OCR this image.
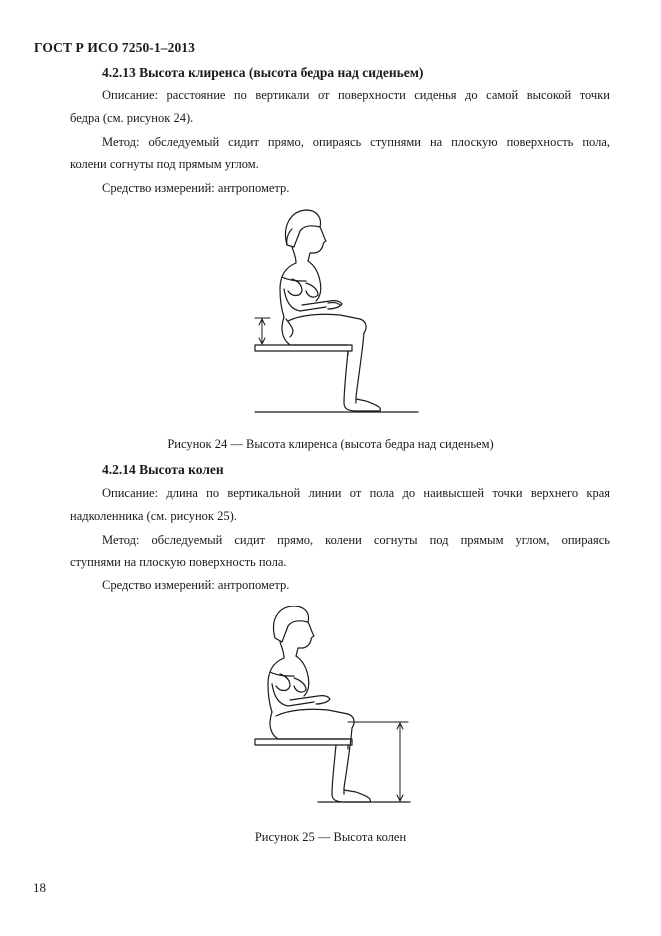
ГОСТ Р ИСО 7250-1–2013
4.2.13 Высота клиренса (высота бедра над сиденьем)
Описание: расстояние по вертикали от поверхности сиденья до самой высокой точки
бедра (см. рисунок 24).
Метод: обследуемый сидит прямо, опираясь ступнями на плоскую поверхность пола,
колени согнуты под прямым углом.
Средство измерений: антропометр.
Рисунок 24 — Высота клиренса (высота бедра над сиденьем)
4.2.14 Высота колен
Описание: длина по вертикальной линии от пола до наивысшей точки верхнего края
надколенника (см. рисунок 25).
Метод: обследуемый сидит прямо, колени согнуты под прямым углом, опираясь
ступнями на плоскую поверхность пола.
Средство измерений: антропометр.
Рисунок 25 — Высота колен
18
